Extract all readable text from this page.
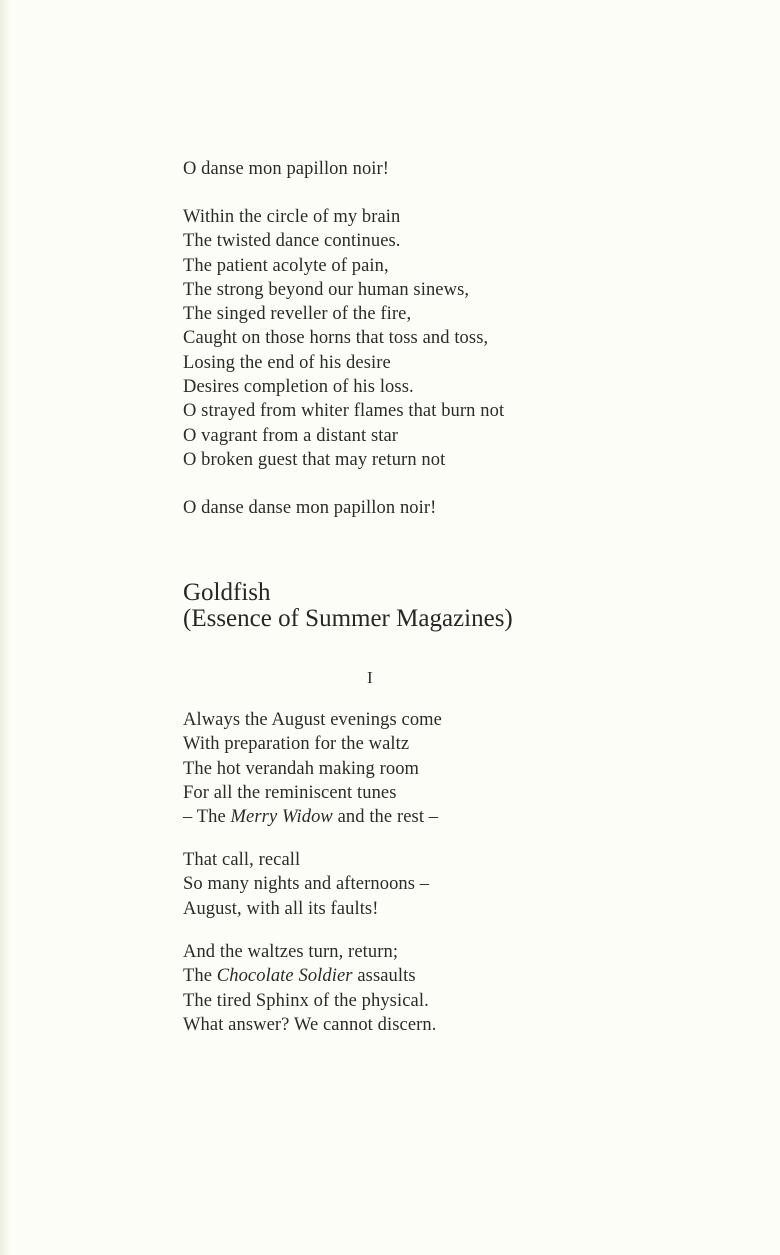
O danse mon papillon noir!
Within the circle of my brain
The twisted dance continues.
The patient acolyte of pain,
The strong beyond our human sinews,
The singed reveller of the fire,
Caught on those horns that toss and toss,
Losing the end of his desire
Desires completion of his loss.
O strayed from whiter flames that burn not
O vagrant from a distant star
O broken guest that may return not
O danse danse mon papillon noir!
Goldfish
(Essence of Summer Magazines)
I
Always the August evenings come
With preparation for the waltz
The hot verandah making room
For all the reminiscent tunes
– The Merry Widow and the rest –
That call, recall
So many nights and afternoons –
August, with all its faults!
And the waltzes turn, return;
The Chocolate Soldier assaults
The tired Sphinx of the physical.
What answer? We cannot discern.
